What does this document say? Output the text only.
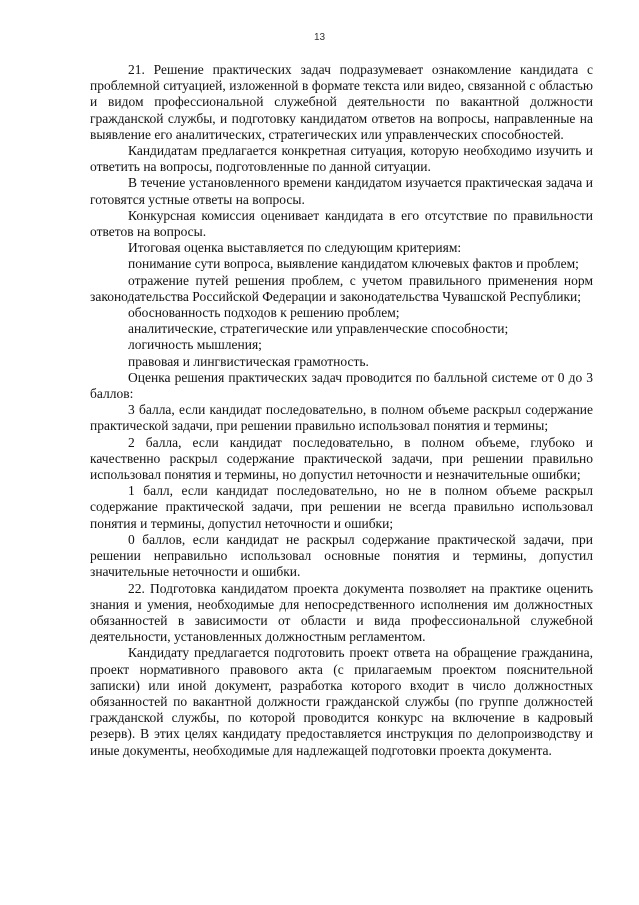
13

21. Решение практических задач подразумевает ознакомление кандидата с проблемной ситуацией, изложенной в формате текста или видео, связанной с областью и видом профессиональной служебной деятельности по вакантной должности гражданской службы, и подготовку кандидатом ответов на вопросы, направленные на выявление его аналитических, стратегических или управленческих способностей.

Кандидатам предлагается конкретная ситуация, которую необходимо изучить и ответить на вопросы, подготовленные по данной ситуации.

В течение установленного времени кандидатом изучается практическая задача и готовятся устные ответы на вопросы.

Конкурсная комиссия оценивает кандидата в его отсутствие по правильности ответов на вопросы.

Итоговая оценка выставляется по следующим критериям:

понимание сути вопроса, выявление кандидатом ключевых фактов и проблем;

отражение путей решения проблем, с учетом правильного применения норм законодательства Российской Федерации и законодательства Чувашской Республики;

обоснованность подходов к решению проблем;

аналитические, стратегические или управленческие способности;

логичность мышления;

правовая и лингвистическая грамотность.

Оценка решения практических задач проводится по балльной системе от 0 до 3 баллов:

3 балла, если кандидат последовательно, в полном объеме раскрыл содержание практической задачи, при решении правильно использовал понятия и термины;

2 балла, если кандидат последовательно, в полном объеме, глубоко и качественно раскрыл содержание практической задачи, при решении правильно использовал понятия и термины, но допустил неточности и незначительные ошибки;

1 балл, если кандидат последовательно, но не в полном объеме раскрыл содержание практической задачи, при решении не всегда правильно использовал понятия и термины, допустил неточности и ошибки;

0 баллов, если кандидат не раскрыл содержание практической задачи, при решении неправильно использовал основные понятия и термины, допустил значительные неточности и ошибки.

22. Подготовка кандидатом проекта документа позволяет на практике оценить знания и умения, необходимые для непосредственного исполнения им должностных обязанностей в зависимости от области и вида профессиональной служебной деятельности, установленных должностным регламентом.

Кандидату предлагается подготовить проект ответа на обращение гражданина, проект нормативного правового акта (с прилагаемым проектом пояснительной записки) или иной документ, разработка которого входит в число должностных обязанностей по вакантной должности гражданской службы (по группе должностей гражданской службы, по которой проводится конкурс на включение в кадровый резерв). В этих целях кандидату предоставляется инструкция по делопроизводству и иные документы, необходимые для надлежащей подготовки проекта документа.
